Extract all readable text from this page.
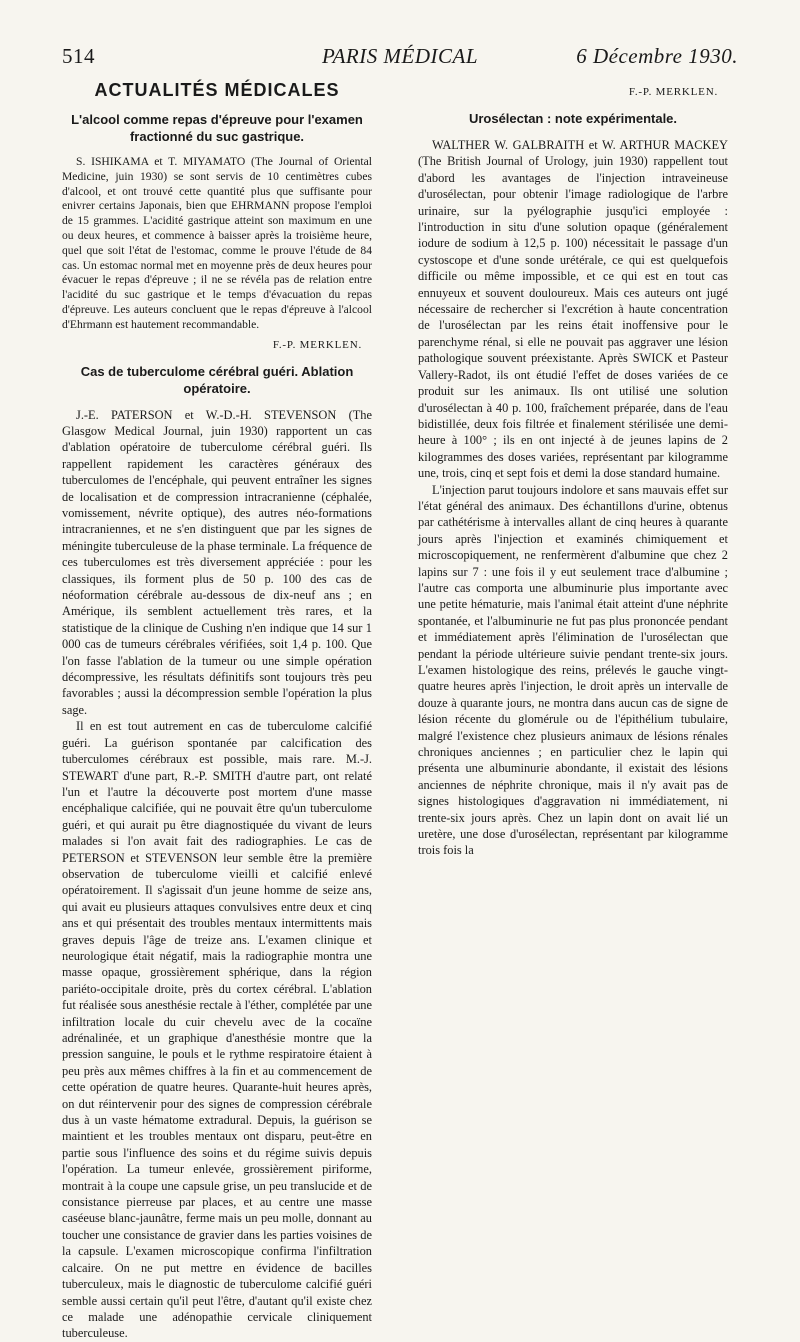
514	PARIS MÉDICAL	6 Décembre 1930.
ACTUALITÉS MÉDICALES
L'alcool comme repas d'épreuve pour l'examen fractionné du suc gastrique.

S. ISHIKAMA et T. MIYAMATO (The Journal of Oriental Medicine, juin 1930) se sont servis de 10 centimètres cubes d'alcool, et ont trouvé cette quantité plus que suffisante pour enivrer certains Japonais, bien que EHRMANN propose l'emploi de 15 grammes. L'acidité gastrique atteint son maximum en une ou deux heures, et commence à baisser après la troisième heure, quel que soit l'état de l'estomac, comme le prouve l'étude de 84 cas. Un estomac normal met en moyenne près de deux heures pour évacuer le repas d'épreuve ; il ne se révéla pas de relation entre l'acidité du suc gastrique et le temps d'évacuation du repas d'épreuve. Les auteurs concluent que le repas d'épreuve à l'alcool d'Ehrmann est hautement recommandable.

F.-P. MERKLEN.
Cas de tuberculome cérébral guéri. Ablation opératoire.

J.-E. PATERSON et W.-D.-H. STEVENSON (The Glasgow Medical Journal, juin 1930) rapportent un cas d'ablation opératoire de tuberculome cérébral guéri. Ils rappellent rapidement les caractères généraux des tuberculomes de l'encéphale, qui peuvent entraîner les signes de localisation et de compression intracranienne (céphalée, vomissement, névrite optique), des autres néo-formations intracraniennes, et ne s'en distinguent que par les signes de méningite tuberculeuse de la phase terminale. La fréquence de ces tuberculomes est très diversement appréciée : pour les classiques, ils forment plus de 50 p. 100 des cas de néoformation cérébrale au-dessous de dix-neuf ans ; en Amérique, ils semblent actuellement très rares, et la statistique de la clinique de Cushing n'en indique que 14 sur 1 000 cas de tumeurs cérébrales vérifiées, soit 1,4 p. 100. Que l'on fasse l'ablation de la tumeur ou une simple opération décompressive, les résultats définitifs sont toujours très peu favorables ; aussi la décompression semble l'opération la plus sage.

Il en est tout autrement en cas de tuberculome calcifié guéri. La guérison spontanée par calcification des tuberculomes cérébraux est possible, mais rare. M.-J. STEWART d'une part, R.-P. SMITH d'autre part, ont relaté l'un et l'autre la découverte post mortem d'une masse encéphalique calcifiée, qui ne pouvait être qu'un tuberculome guéri, et qui aurait pu être diagnostiquée du vivant de leurs malades si l'on avait fait des radiographies. Le cas de PETERSON et STEVENSON leur semble être la première observation de tuberculome vieilli et calcifié enlevé opératoirement. Il s'agissait d'un jeune homme de seize ans, qui avait eu plusieurs attaques convulsives entre deux et cinq ans et qui présentait des troubles mentaux intermittents mais graves depuis l'âge de treize ans. L'examen clinique et neurologique était négatif, mais la radiographie montra une masse opaque, grossièrement sphérique, dans la région pariéto-occipitale droite, près du cortex cérébral. L'ablation fut réalisée sous anesthésie rectale à l'éther, complétée par une infiltration locale du cuir chevelu avec de la cocaïne adrénalinée, et un graphique d'anesthésie montre que la pression sanguine, le pouls et le rythme respiratoire étaient à peu près aux mêmes chiffres à la fin et au commencement de cette opération de quatre heures. Quarante-huit heures après, on dut réintervenir pour des signes de compression cérébrale dus à un vaste hématome extradural. Depuis, la guérison se maintient et les troubles mentaux ont disparu, peut-être en partie sous l'influence des soins et du régime suivis depuis l'opération. La tumeur enlevée, grossièrement piriforme, montrait à la coupe une capsule grise, un peu translucide et de consistance pierreuse par places, et au centre une masse caséeuse blanc-jaunâtre, ferme mais un peu molle, donnant au toucher une consistance de gravier dans les parties voisines de la capsule. L'examen microscopique confirma l'infiltration calcaire. On ne put mettre en évidence de bacilles tuberculeux, mais le diagnostic de tuberculome calcifié guéri semble aussi certain qu'il peut l'être, d'autant qu'il existe chez ce malade une adénopathie cervicale cliniquement tuberculeuse.

F.-P. MERKLEN.
Urosélectan : note expérimentale.

WALTHER W. GALBRAITH et W. ARTHUR MACKEY (The British Journal of Urology, juin 1930) rappellent tout d'abord les avantages de l'injection intraveineuse d'urosélectan, pour obtenir l'image radiologique de l'arbre urinaire, sur la pyélographie jusqu'ici employée : l'introduction in situ d'une solution opaque (généralement iodure de sodium à 12,5 p. 100) nécessitait le passage d'un cystoscope et d'une sonde urétérale, ce qui est quelquefois difficile ou même impossible, et ce qui est en tout cas ennuyeux et souvent douloureux. Mais ces auteurs ont jugé nécessaire de rechercher si l'excrétion à haute concentration de l'urosélectan par les reins était inoffensive pour le parenchyme rénal, si elle ne pouvait pas aggraver une lésion pathologique souvent préexistante. Après SWICK et Pasteur Vallery-Radot, ils ont étudié l'effet de doses variées de ce produit sur les animaux. Ils ont utilisé une solution d'urosélectan à 40 p. 100, fraîchement préparée, dans de l'eau bidistillée, deux fois filtrée et finalement stérilisée une demi-heure à 100° ; ils en ont injecté à de jeunes lapins de 2 kilogrammes des doses variées, représentant par kilogramme une, trois, cinq et sept fois et demi la dose standard humaine.

L'injection parut toujours indolore et sans mauvais effet sur l'état général des animaux. Des échantillons d'urine, obtenus par cathétérisme à intervalles allant de cinq heures à quarante jours après l'injection et examinés chimiquement et microscopiquement, ne renfermèrent d'albumine que chez 2 lapins sur 7 : une fois il y eut seulement trace d'albumine ; l'autre cas comporta une albuminurie plus importante avec une petite hématurie, mais l'animal était atteint d'une néphrite spontanée, et l'albuminurie ne fut pas plus prononcée pendant et immédiatement après l'élimination de l'urosélectan que pendant la période ultérieure suivie pendant trente-six jours. L'examen histologique des reins, prélevés le gauche vingt-quatre heures après l'injection, le droit après un intervalle de douze à quarante jours, ne montra dans aucun cas de signe de lésion récente du glomérule ou de l'épithélium tubulaire, malgré l'existence chez plusieurs animaux de lésions rénales chroniques anciennes ; en particulier chez le lapin qui présenta une albuminurie abondante, il existait des lésions anciennes de néphrite chronique, mais il n'y avait pas de signes histologiques d'aggravation ni immédiatement, ni trente-six jours après. Chez un lapin dont on avait lié un uretère, une dose d'urosélectan, représentant par kilogramme trois fois la
